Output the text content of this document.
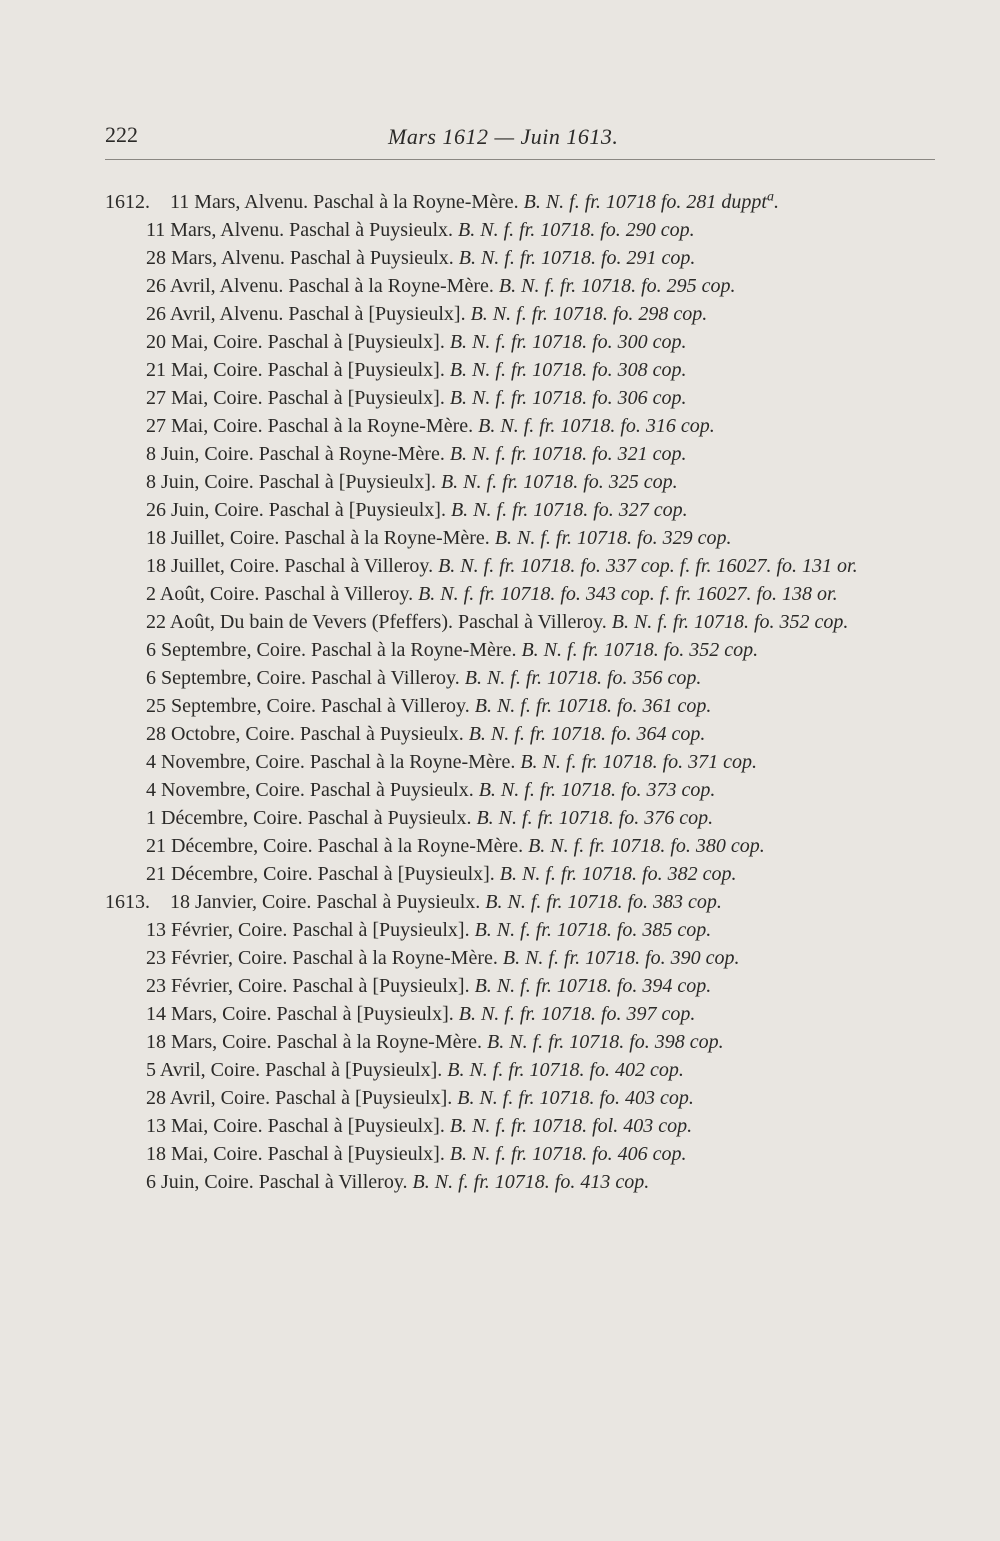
222	Mars 1612 — Juin 1613.
1612. 11 Mars, Alvenu. Paschal à la Royne-Mère. B. N. f. fr. 10718 fo. 281 duppt$^a$.
11 Mars, Alvenu. Paschal à Puysieulx. B. N. f. fr. 10718. fo. 290 cop.
28 Mars, Alvenu. Paschal à Puysieulx. B. N. f. fr. 10718. fo. 291 cop.
26 Avril, Alvenu. Paschal à la Royne-Mère. B. N. f. fr. 10718. fo. 295 cop.
26 Avril, Alvenu. Paschal à [Puysieulx]. B. N. f. fr. 10718. fo. 298 cop.
20 Mai, Coire. Paschal à [Puysieulx]. B. N. f. fr. 10718. fo. 300 cop.
21 Mai, Coire. Paschal à [Puysieulx]. B. N. f. fr. 10718. fo. 308 cop.
27 Mai, Coire. Paschal à [Puysieulx]. B. N. f. fr. 10718. fo. 306 cop.
27 Mai, Coire. Paschal à la Royne-Mère. B. N. f. fr. 10718. fo. 316 cop.
8 Juin, Coire. Paschal à Royne-Mère. B. N. f. fr. 10718. fo. 321 cop.
8 Juin, Coire. Paschal à [Puysieulx]. B. N. f. fr. 10718. fo. 325 cop.
26 Juin, Coire. Paschal à [Puysieulx]. B. N. f. fr. 10718. fo. 327 cop.
18 Juillet, Coire. Paschal à la Royne-Mère. B. N. f. fr. 10718. fo. 329 cop.
18 Juillet, Coire. Paschal à Villeroy. B. N. f. fr. 10718. fo. 337 cop. f. fr. 16027. fo. 131 or.
2 Août, Coire. Paschal à Villeroy. B. N. f. fr. 10718. fo. 343 cop. f. fr. 16027. fo. 138 or.
22 Août, Du bain de Vevers (Pfeffers). Paschal à Villeroy. B. N. f. fr. 10718. fo. 352 cop.
6 Septembre, Coire. Paschal à la Royne-Mère. B. N. f. fr. 10718. fo. 352 cop.
6 Septembre, Coire. Paschal à Villeroy. B. N. f. fr. 10718. fo. 356 cop.
25 Septembre, Coire. Paschal à Villeroy. B. N. f. fr. 10718. fo. 361 cop.
28 Octobre, Coire. Paschal à Puysieulx. B. N. f. fr. 10718. fo. 364 cop.
4 Novembre, Coire. Paschal à la Royne-Mère. B. N. f. fr. 10718. fo. 371 cop.
4 Novembre, Coire. Paschal à Puysieulx. B. N. f. fr. 10718. fo. 373 cop.
1 Décembre, Coire. Paschal à Puysieulx. B. N. f. fr. 10718. fo. 376 cop.
21 Décembre, Coire. Paschal à la Royne-Mère. B. N. f. fr. 10718. fo. 380 cop.
21 Décembre, Coire. Paschal à [Puysieulx]. B. N. f. fr. 10718. fo. 382 cop.
1613. 18 Janvier, Coire. Paschal à Puysieulx. B. N. f. fr. 10718. fo. 383 cop.
13 Février, Coire. Paschal à [Puysieulx]. B. N. f. fr. 10718. fo. 385 cop.
23 Février, Coire. Paschal à la Royne-Mère. B. N. f. fr. 10718. fo. 390 cop.
23 Février, Coire. Paschal à [Puysieulx]. B. N. f. fr. 10718. fo. 394 cop.
14 Mars, Coire. Paschal à [Puysieulx]. B. N. f. fr. 10718. fo. 397 cop.
18 Mars, Coire. Paschal à la Royne-Mère. B. N. f. fr. 10718. fo. 398 cop.
5 Avril, Coire. Paschal à [Puysieulx]. B. N. f. fr. 10718. fo. 402 cop.
28 Avril, Coire. Paschal à [Puysieulx]. B. N. f. fr. 10718. fo. 403 cop.
13 Mai, Coire. Paschal à [Puysieulx]. B. N. f. fr. 10718. fol. 403 cop.
18 Mai, Coire. Paschal à [Puysieulx]. B. N. f. fr. 10718. fo. 406 cop.
6 Juin, Coire. Paschal à Villeroy. B. N. f. fr. 10718. fo. 413 cop.
